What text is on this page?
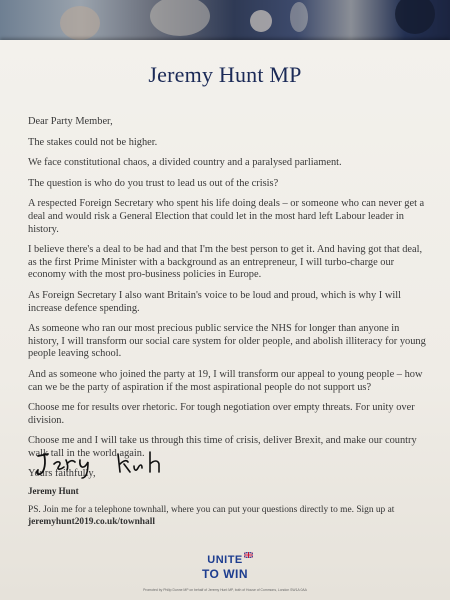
Jeremy Hunt MP

Dear Party Member,

The stakes could not be higher.

We face constitutional chaos, a divided country and a paralysed parliament.

The question is who do you trust to lead us out of the crisis?

A respected Foreign Secretary who spent his life doing deals – or someone who can never get a deal and would risk a General Election that could let in the most hard left Labour leader in history.

I believe there's a deal to be had and that I'm the best person to get it. And having got that deal, as the first Prime Minister with a background as an entrepreneur, I will turbo-charge our economy with the most pro-business policies in Europe.

As Foreign Secretary I also want Britain's voice to be loud and proud, which is why I will increase defence spending.

As someone who ran our most precious public service the NHS for longer than anyone in history, I will transform our social care system for older people, and abolish illiteracy for young people leaving school.

And as someone who joined the party at 19, I will transform our appeal to young people – how can we be the party of aspiration if the most aspirational people do not support us?

Choose me for results over rhetoric. For tough negotiation over empty threats. For unity over division.

Choose me and I will take us through this time of crisis, deliver Brexit, and make our country walk tall in the world again.

Yours faithfully,

Jeremy Hunt
PS. Join me for a telephone townhall, where you can put your questions directly to me. Sign up at
jeremyhunt2019.co.uk/townhall
UNITE
TO WIN
Promoted by Philip Dunne MP on behalf of Jeremy Hunt MP, both of House of Commons, London SW1A 0AA
